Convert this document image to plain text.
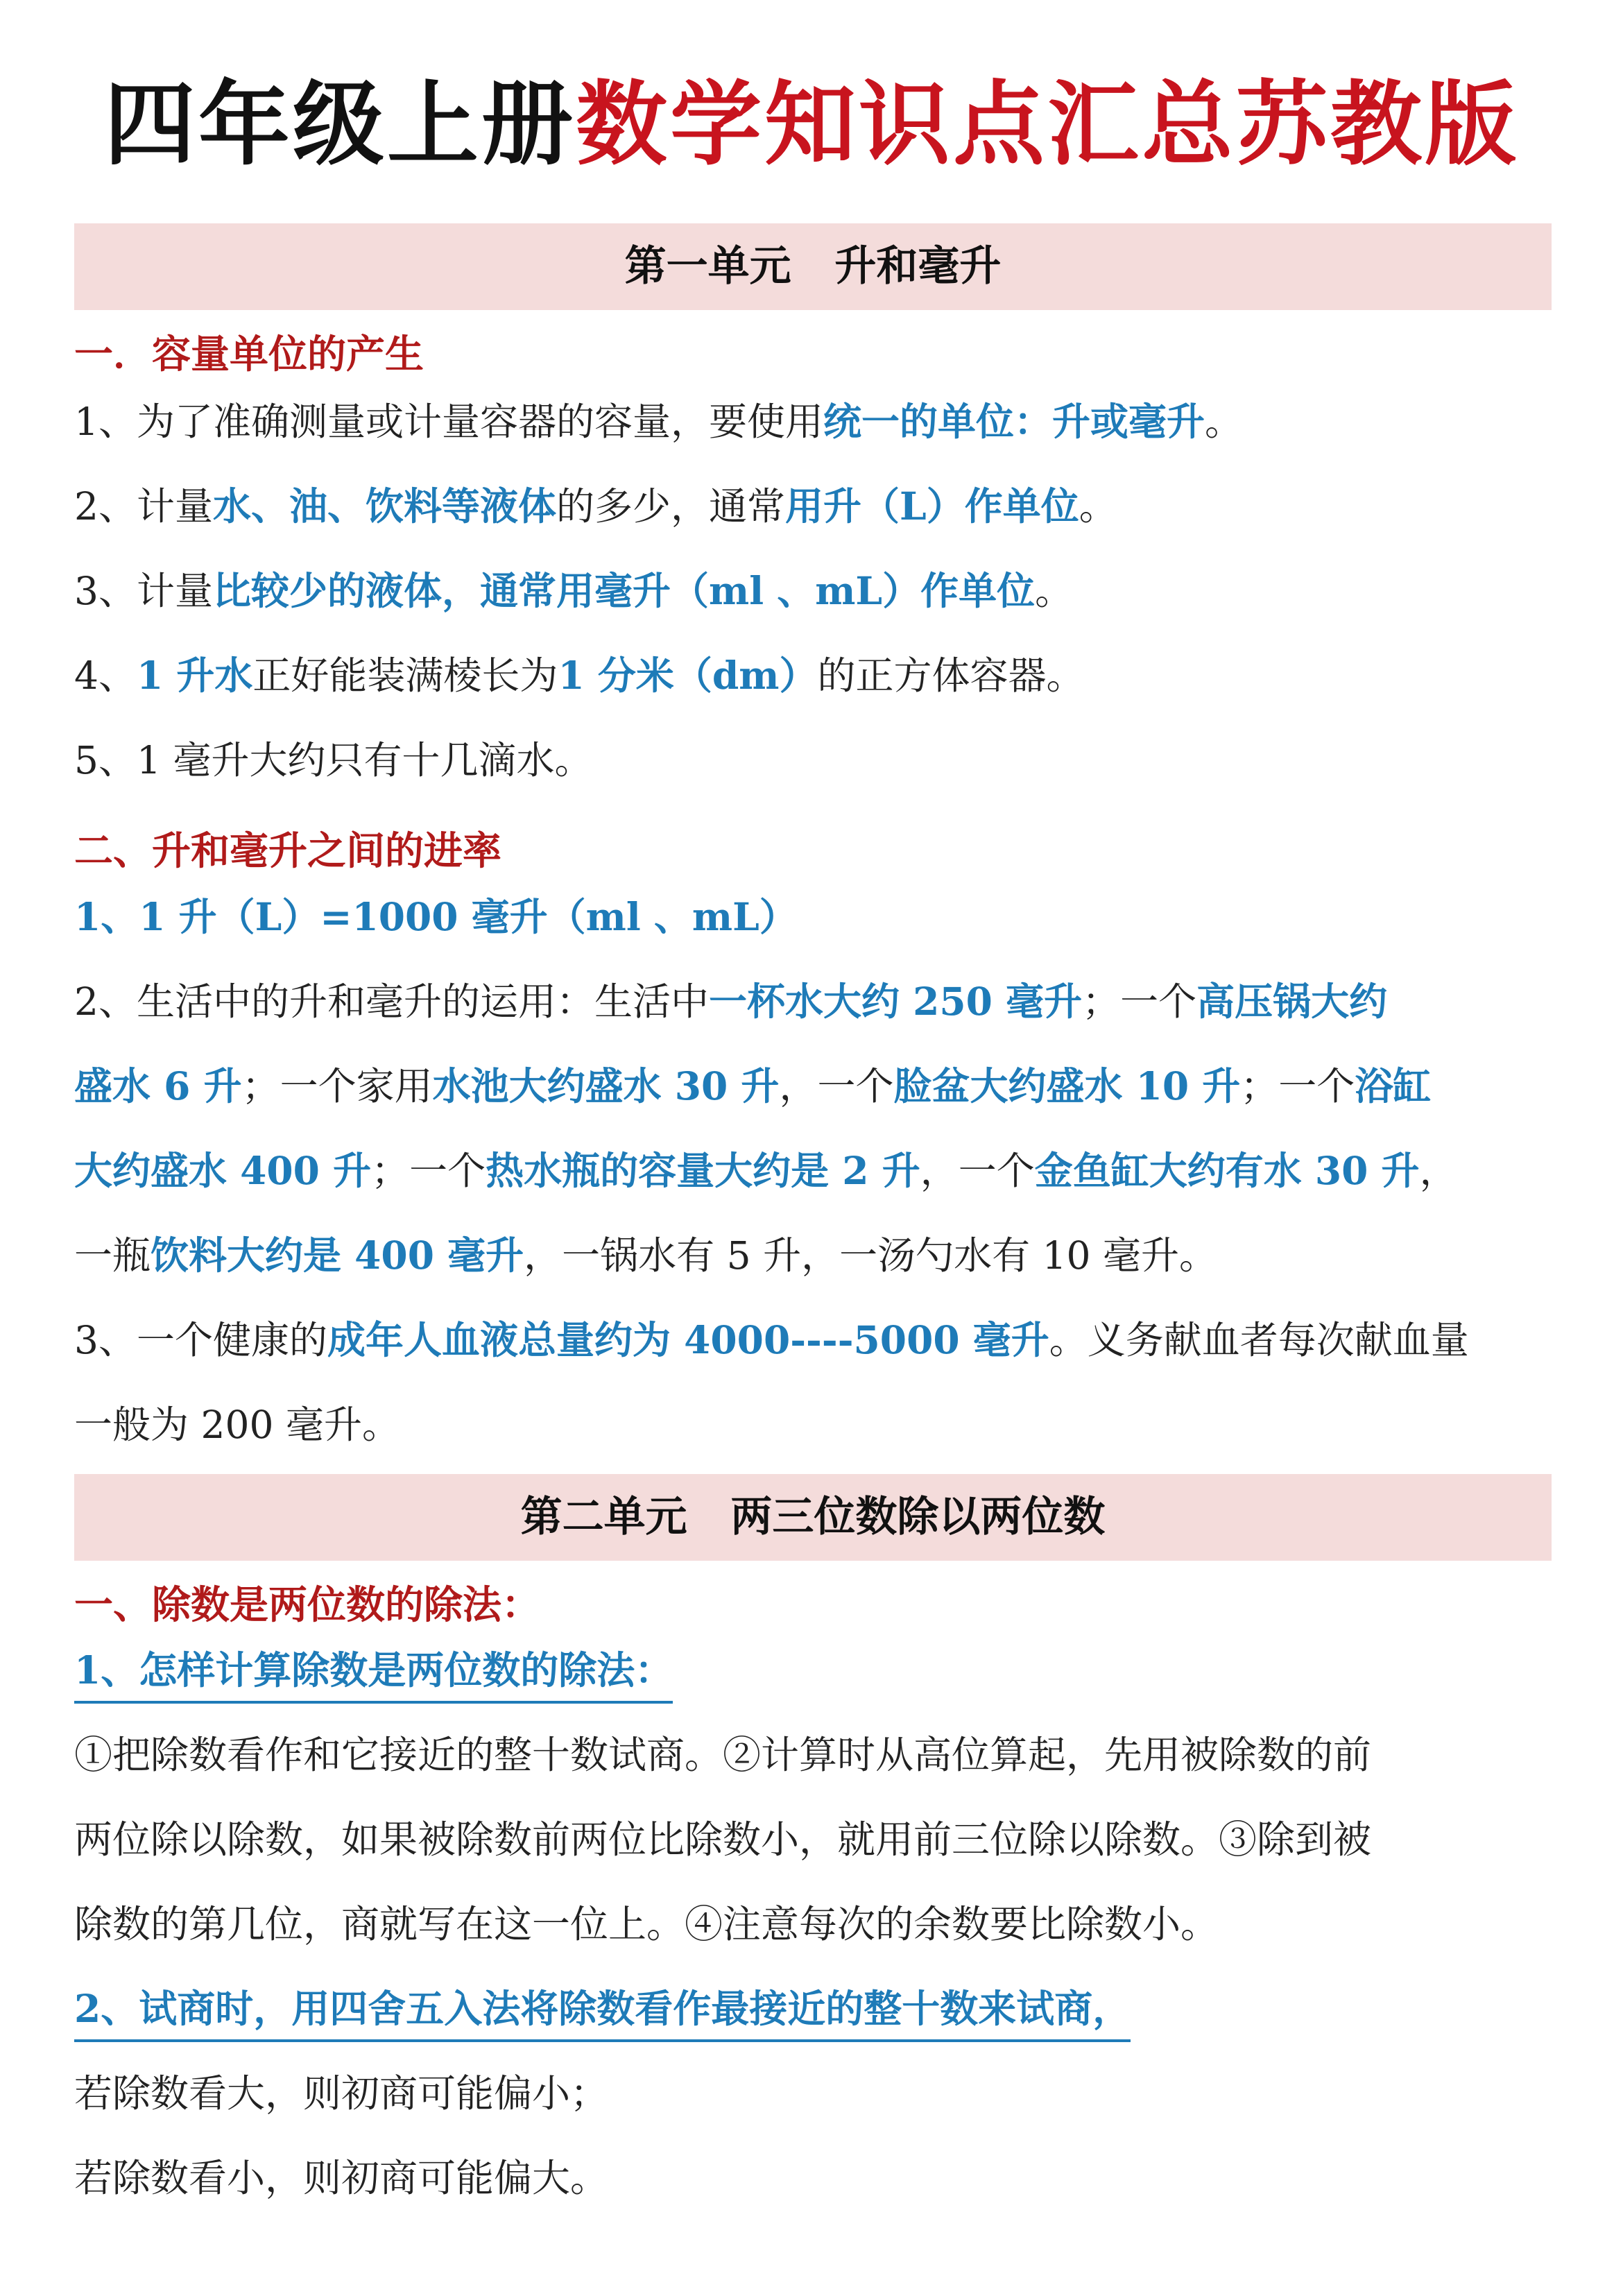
四年级上册数学知识点汇总苏教版
第一单元   升和毫升
一．容量单位的产生
1、为了准确测量或计量容器的容量，要使用统一的单位：升或毫升。
2、计量水、油、饮料等液体的多少，通常用升（L）作单位。
3、计量比较少的液体，通常用毫升（ml 、mL）作单位。
4、1 升水正好能装满棱长为1 分米（dm）的正方体容器。
5、1 毫升大约只有十几滴水。
二、升和毫升之间的进率
1、1 升（L）=1000 毫升（ml 、mL）
2、生活中的升和毫升的运用：生活中一杯水大约 250 毫升；一个高压锅大约
盛水 6 升；一个家用水池大约盛水 30 升，一个脸盆大约盛水 10 升；一个浴缸
大约盛水 400 升；一个热水瓶的容量大约是 2 升，一个金鱼缸大约有水 30 升，
一瓶饮料大约是 400 毫升，一锅水有 5 升，一汤勺水有 10 毫升。
3、一个健康的成年人血液总量约为 4000----5000 毫升。义务献血者每次献血量
一般为 200 毫升。
第二单元   两三位数除以两位数
一、除数是两位数的除法：
1、怎样计算除数是两位数的除法：
①把除数看作和它接近的整十数试商。②计算时从高位算起，先用被除数的前
两位除以除数，如果被除数前两位比除数小，就用前三位除以除数。③除到被
除数的第几位，商就写在这一位上。④注意每次的余数要比除数小。
2、试商时，用四舍五入法将除数看作最接近的整十数来试商，
若除数看大，则初商可能偏小；
若除数看小，则初商可能偏大。
